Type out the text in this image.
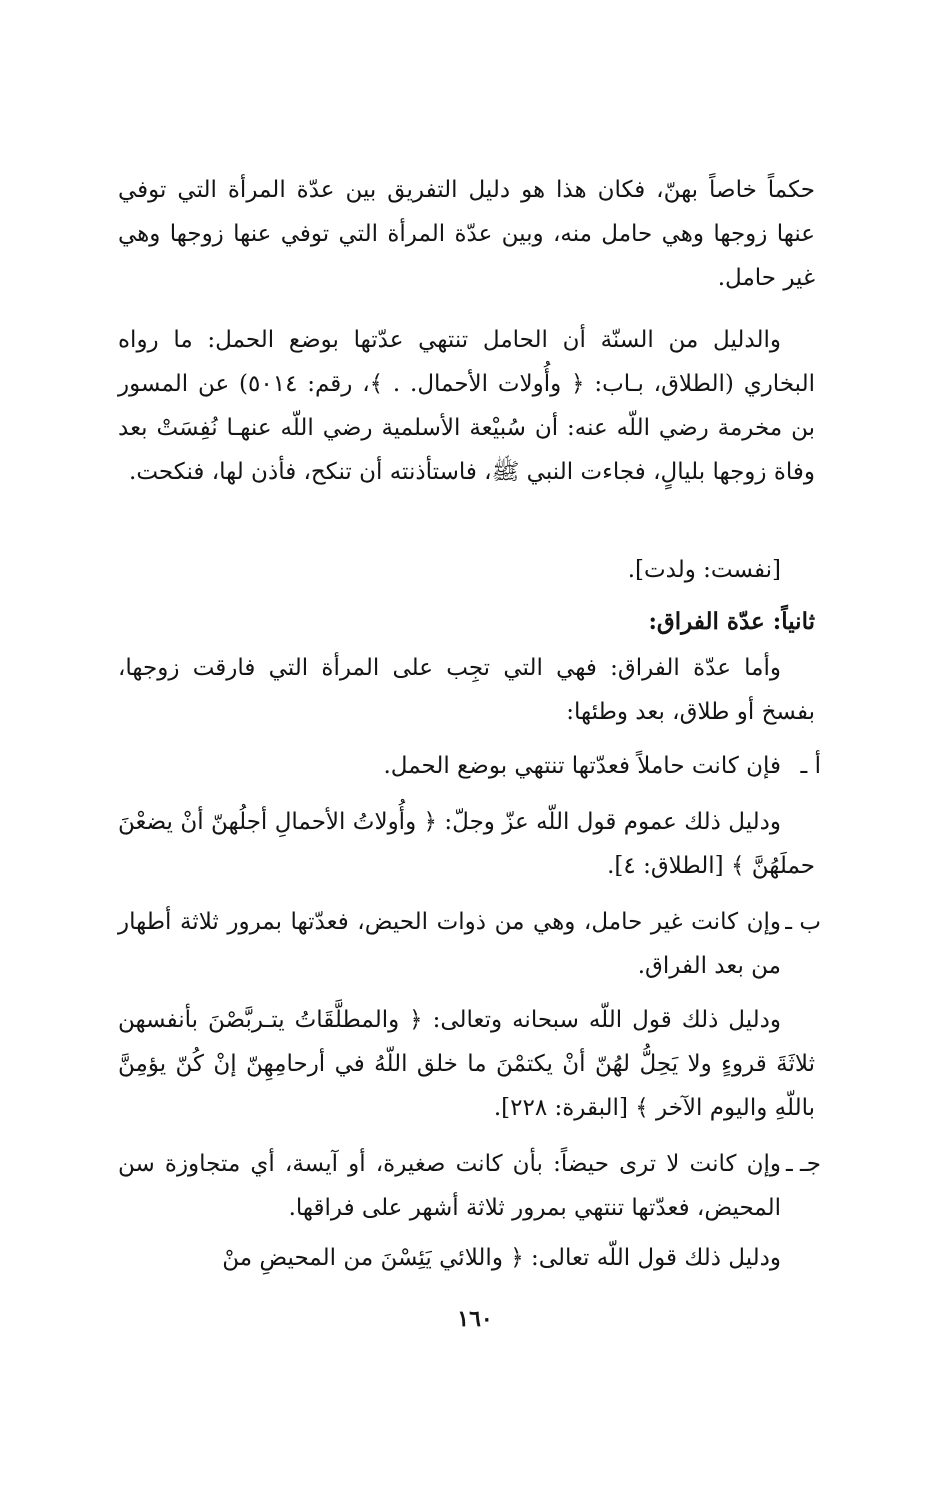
حكماً خاصاً بهنّ، فكان هذا هو دليل التفريق بين عدّة المرأة التي توفي عنها زوجها وهي حامل منه، وبين عدّة المرأة التي توفي عنها زوجها وهي غير حامل.
والدليل من السنّة أن الحامل تنتهي عدّتها بوضع الحمل: ما رواه البخاري (الطلاق، بـاب: ﴿ وأُولات الأحمال. . ﴾، رقم: ٥٠١٤) عن المسور بن مخرمة رضي اللّه عنه: أن سُبيْعة الأسلمية رضي اللّه عنهـا نُفِسَتْ بعد وفاة زوجها بليالٍ، فجاءت النبي ﷺ، فاستأذنته أن تنكح، فأذن لها، فنكحت.
[نفست: ولدت].
ثانياً: عدّة الفراق:
وأما عدّة الفراق: فهي التي تجِب على المرأة التي فارقت زوجها، بفسخ أو طلاق، بعد وطئها:
أ ـ
فإن كانت حاملاً فعدّتها تنتهي بوضع الحمل.
ودليل ذلك عموم قول اللّه عزّ وجلّ: ﴿ وأُولاتُ الأحمالِ أجلُهنّ أنْ يضعْنَ حملَهُنَّ ﴾ [الطلاق: ٤].
ب ـ
وإن كانت غير حامل، وهي من ذوات الحيض، فعدّتها بمرور ثلاثة أطهار من بعد الفراق.
ودليل ذلك قول اللّه سبحانه وتعالى: ﴿ والمطلَّقَاتُ يتـربَّصْنَ بأنفسهن ثلاثَةَ قروءٍ ولا يَحِلُّ لهُنّ أنْ يكتمْنَ ما خلق اللّهُ في أرحامِهِنّ إنْ كُنّ يؤمِنَّ باللّهِ واليوم الآخر ﴾ [البقرة: ٢٢٨].
جـ ـ
وإن كانت لا ترى حيضاً: بأن كانت صغيرة، أو آيسة، أي متجاوزة سن المحيض، فعدّتها تنتهي بمرور ثلاثة أشهر على فراقها.
ودليل ذلك قول اللّه تعالى: ﴿ واللائي يَئِسْنَ من المحيضِ منْ
١٦٠
